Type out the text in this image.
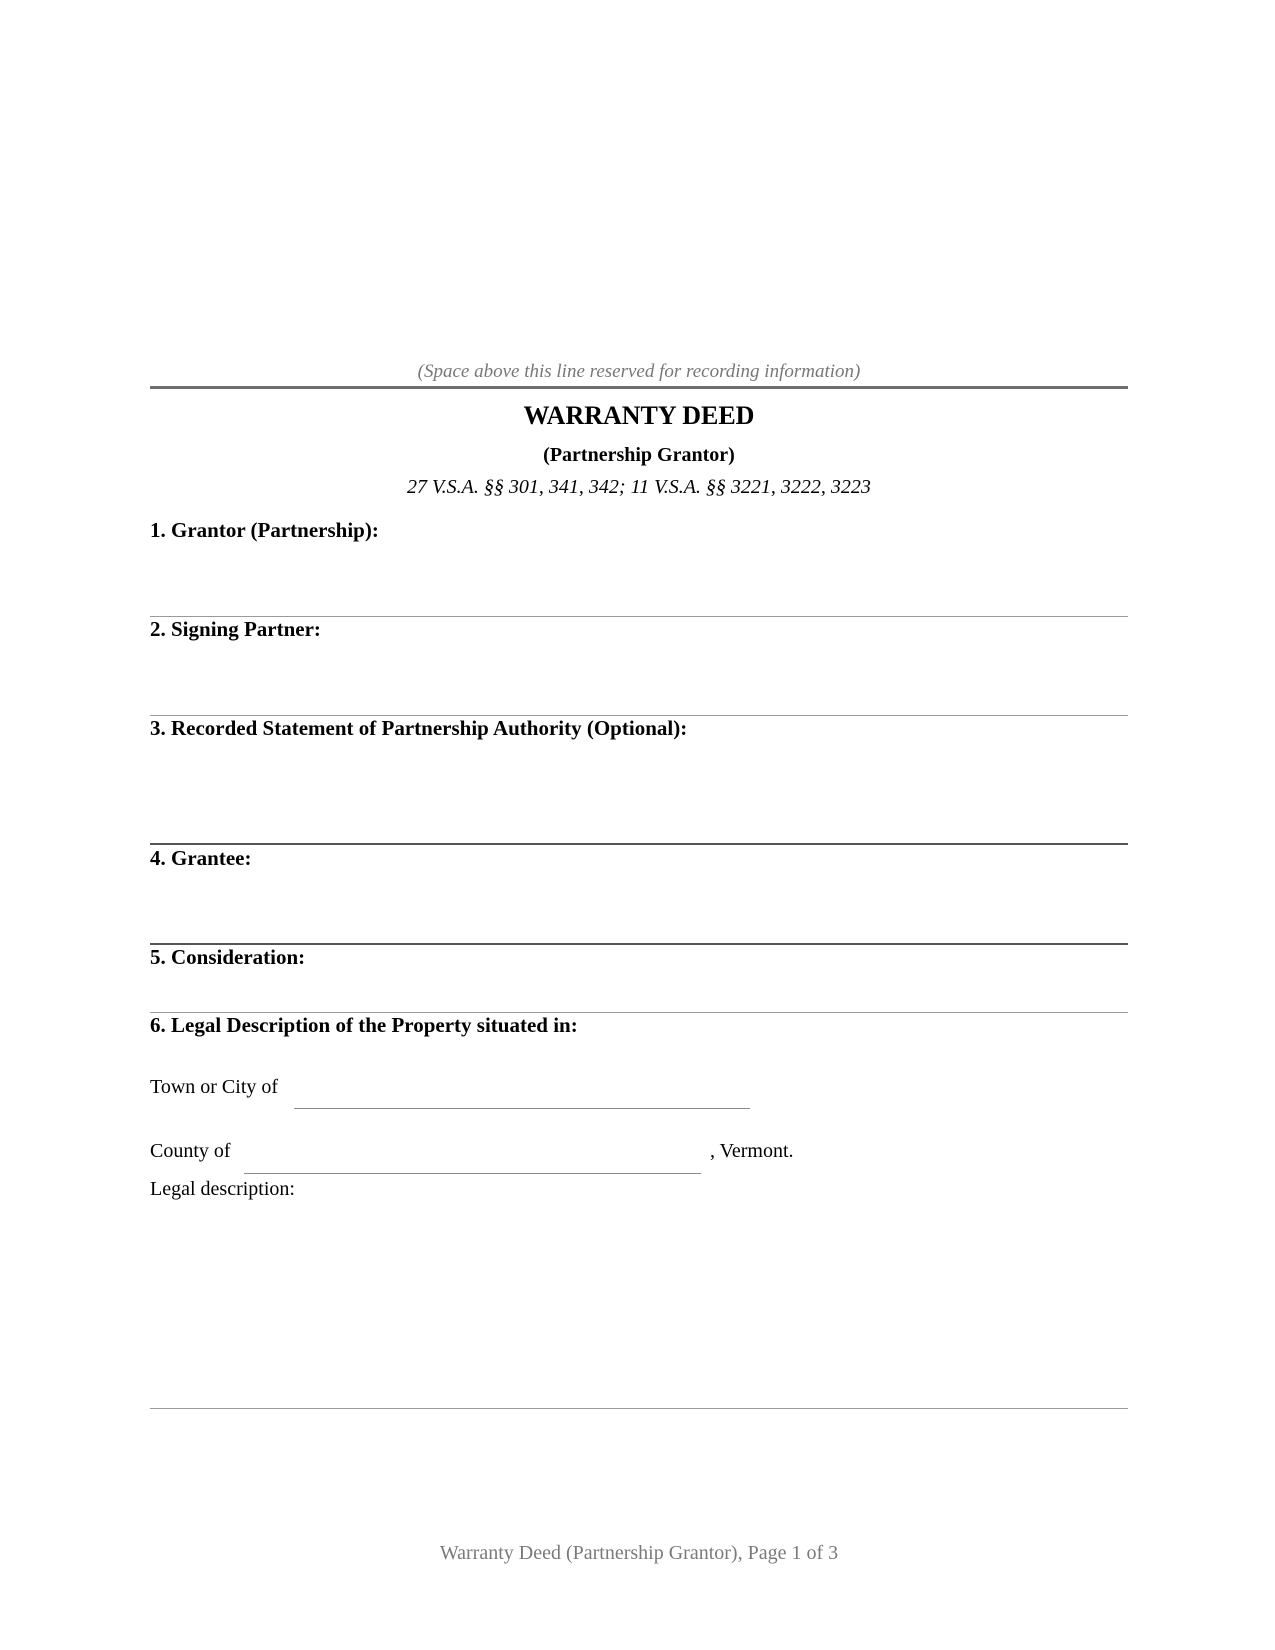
(Space above this line reserved for recording information)
WARRANTY DEED
(Partnership Grantor)
27 V.S.A. §§ 301, 341, 342; 11 V.S.A. §§ 3221, 3222, 3223
1. Grantor (Partnership):
2. Signing Partner:
3. Recorded Statement of Partnership Authority (Optional):
4. Grantee:
5. Consideration:
6. Legal Description of the Property situated in:
Town or City of
County of	, Vermont.
Legal description:
Warranty Deed (Partnership Grantor), Page 1 of 3
